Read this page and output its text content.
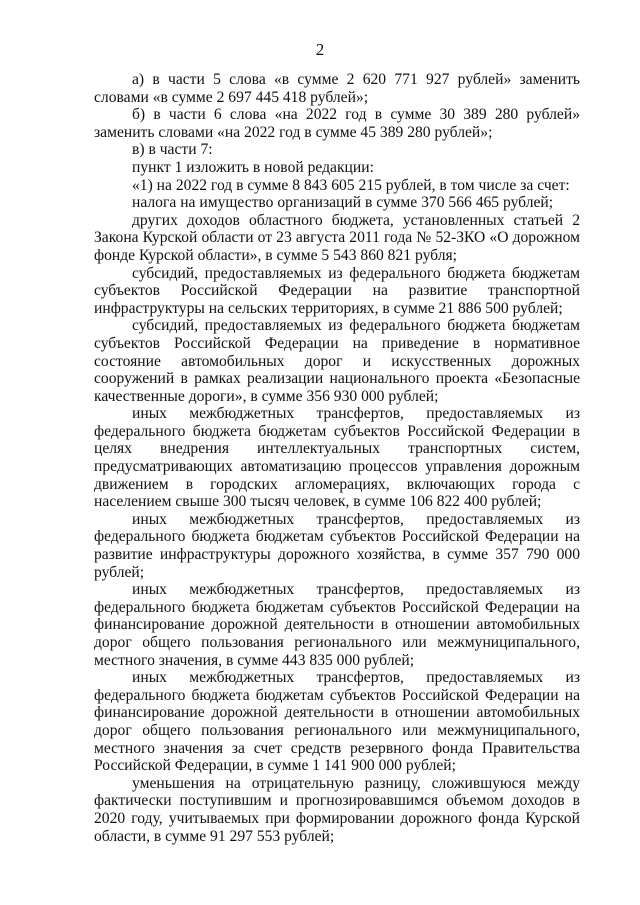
2

а) в части 5 слова «в сумме 2 620 771 927 рублей» заменить словами «в сумме 2 697 445 418 рублей»;

б) в части 6 слова «на 2022 год в сумме 30 389 280 рублей» заменить словами «на 2022 год в сумме 45 389 280 рублей»;

в) в части 7:

пункт 1 изложить в новой редакции:

«1) на 2022 год в сумме 8 843 605 215 рублей, в том числе за счет:

налога на имущество организаций в сумме 370 566 465 рублей;

других доходов областного бюджета, установленных статьей 2 Закона Курской области от 23 августа 2011 года № 52-ЗКО «О дорожном фонде Курской области», в сумме 5 543 860 821 рубля;

субсидий, предоставляемых из федерального бюджета бюджетам субъектов Российской Федерации на развитие транспортной инфраструктуры на сельских территориях, в сумме 21 886 500 рублей;

субсидий, предоставляемых из федерального бюджета бюджетам субъектов Российской Федерации на приведение в нормативное состояние автомобильных дорог и искусственных дорожных сооружений в рамках реализации национального проекта «Безопасные качественные дороги», в сумме 356 930 000 рублей;

иных межбюджетных трансфертов, предоставляемых из федерального бюджета бюджетам субъектов Российской Федерации в целях внедрения интеллектуальных транспортных систем, предусматривающих автоматизацию процессов управления дорожным движением в городских агломерациях, включающих города с населением свыше 300 тысяч человек, в сумме 106 822 400 рублей;

иных межбюджетных трансфертов, предоставляемых из федерального бюджета бюджетам субъектов Российской Федерации на развитие инфраструктуры дорожного хозяйства, в сумме 357 790 000 рублей;

иных межбюджетных трансфертов, предоставляемых из федерального бюджета бюджетам субъектов Российской Федерации на финансирование дорожной деятельности в отношении автомобильных дорог общего пользования регионального или межмуниципального, местного значения, в сумме 443 835 000 рублей;

иных межбюджетных трансфертов, предоставляемых из федерального бюджета бюджетам субъектов Российской Федерации на финансирование дорожной деятельности в отношении автомобильных дорог общего пользования регионального или межмуниципального, местного значения за счет средств резервного фонда Правительства Российской Федерации, в сумме 1 141 900 000 рублей;

уменьшения на отрицательную разницу, сложившуюся между фактически поступившим и прогнозировавшимся объемом доходов в 2020 году, учитываемых при формировании дорожного фонда Курской области, в сумме 91 297 553 рублей;
